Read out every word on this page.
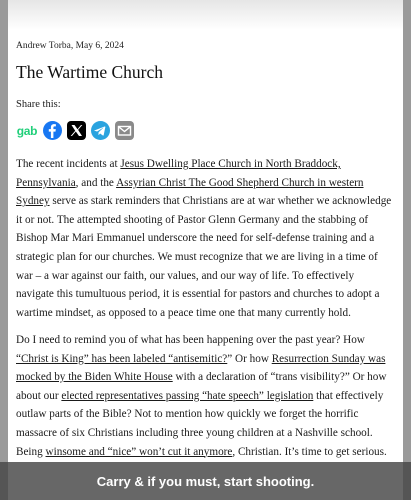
Andrew Torba, May 6, 2024
The Wartime Church
Share this:
gab

The recent incidents at Jesus Dwelling Place Church in North Braddock, Pennsylvania, and the Assyrian Christ The Good Shepherd Church in western Sydney serve as stark reminders that Christians are at war whether we acknowledge it or not. The attempted shooting of Pastor Glenn Germany and the stabbing of Bishop Mar Mari Emmanuel underscore the need for self-defense training and a strategic plan for our churches. We must recognize that we are living in a time of war – a war against our faith, our values, and our way of life. To effectively navigate this tumultuous period, it is essential for pastors and churches to adopt a wartime mindset, as opposed to a peace time one that many currently hold.

Do I need to remind you of what has been happening over the past year? How “Christ is King” has been labeled “antisemitic?” Or how Resurrection Sunday was mocked by the Biden White House with a declaration of “trans visibility?” Or how about our elected representatives passing “hate speech” legislation that effectively outlaw parts of the Bible? Not to mention how quickly we forget the horrific massacre of six Christians including three young children at a Nashville school. Being winsome and “nice” won’t cut it anymore, Christian. It’s time to get serious.

Carry & if you must, start shooting.
